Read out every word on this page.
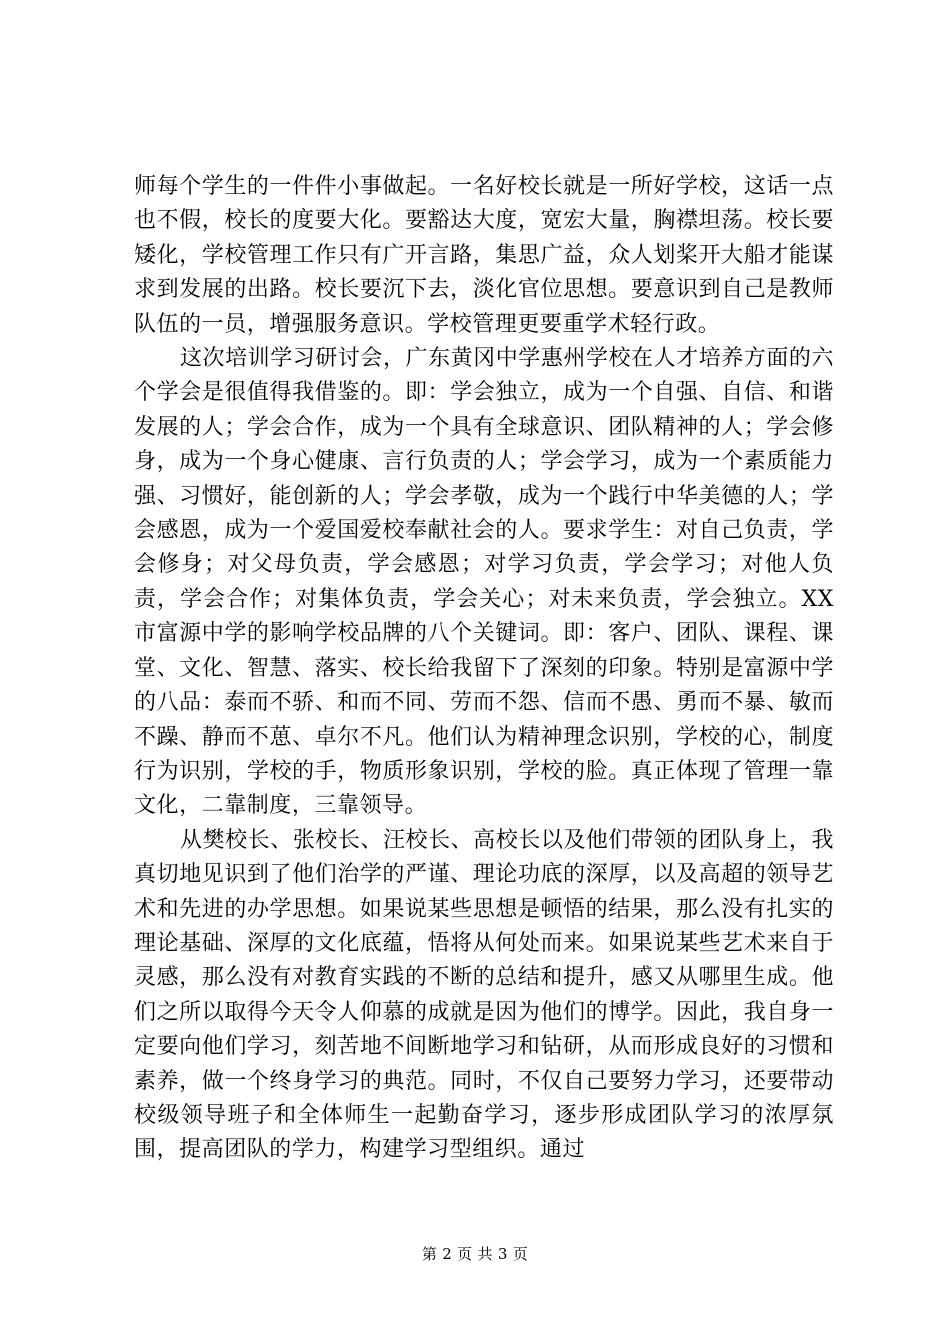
师每个学生的一件件小事做起。一名好校长就是一所好学校，这话一点也不假，校长的度要大化。要豁达大度，宽宏大量，胸襟坦荡。校长要矮化，学校管理工作只有广开言路，集思广益，众人划桨开大船才能谋求到发展的出路。校长要沉下去，淡化官位思想。要意识到自己是教师队伍的一员，增强服务意识。学校管理更要重学术轻行政。

这次培训学习研讨会，广东黄冈中学惠州学校在人才培养方面的六个学会是很值得我借鉴的。即：学会独立，成为一个自强、自信、和谐发展的人；学会合作，成为一个具有全球意识、团队精神的人；学会修身，成为一个身心健康、言行负责的人；学会学习，成为一个素质能力强、习惯好，能创新的人；学会孝敬，成为一个践行中华美德的人；学会感恩，成为一个爱国爱校奉献社会的人。要求学生：对自己负责，学会修身；对父母负责，学会感恩；对学习负责，学会学习；对他人负责，学会合作；对集体负责，学会关心；对未来负责，学会独立。XX市富源中学的影响学校品牌的八个关键词。即：客户、团队、课程、课堂、文化、智慧、落实、校长给我留下了深刻的印象。特别是富源中学的八品：泰而不骄、和而不同、劳而不怨、信而不愚、勇而不暴、敏而不躁、静而不葸、卓尔不凡。他们认为精神理念识别，学校的心，制度行为识别，学校的手，物质形象识别，学校的脸。真正体现了管理一靠文化，二靠制度，三靠领导。

从樊校长、张校长、汪校长、高校长以及他们带领的团队身上，我真切地见识到了他们治学的严谨、理论功底的深厚，以及高超的领导艺术和先进的办学思想。如果说某些思想是顿悟的结果，那么没有扎实的理论基础、深厚的文化底蕴，悟将从何处而来。如果说某些艺术来自于灵感，那么没有对教育实践的不断的总结和提升，感又从哪里生成。他们之所以取得今天令人仰慕的成就是因为他们的博学。因此，我自身一定要向他们学习，刻苦地不间断地学习和钻研，从而形成良好的习惯和素养，做一个终身学习的典范。同时，不仅自己要努力学习，还要带动校级领导班子和全体师生一起勤奋学习，逐步形成团队学习的浓厚氛围，提高团队的学力，构建学习型组织。通过

第 2 页 共 3 页
